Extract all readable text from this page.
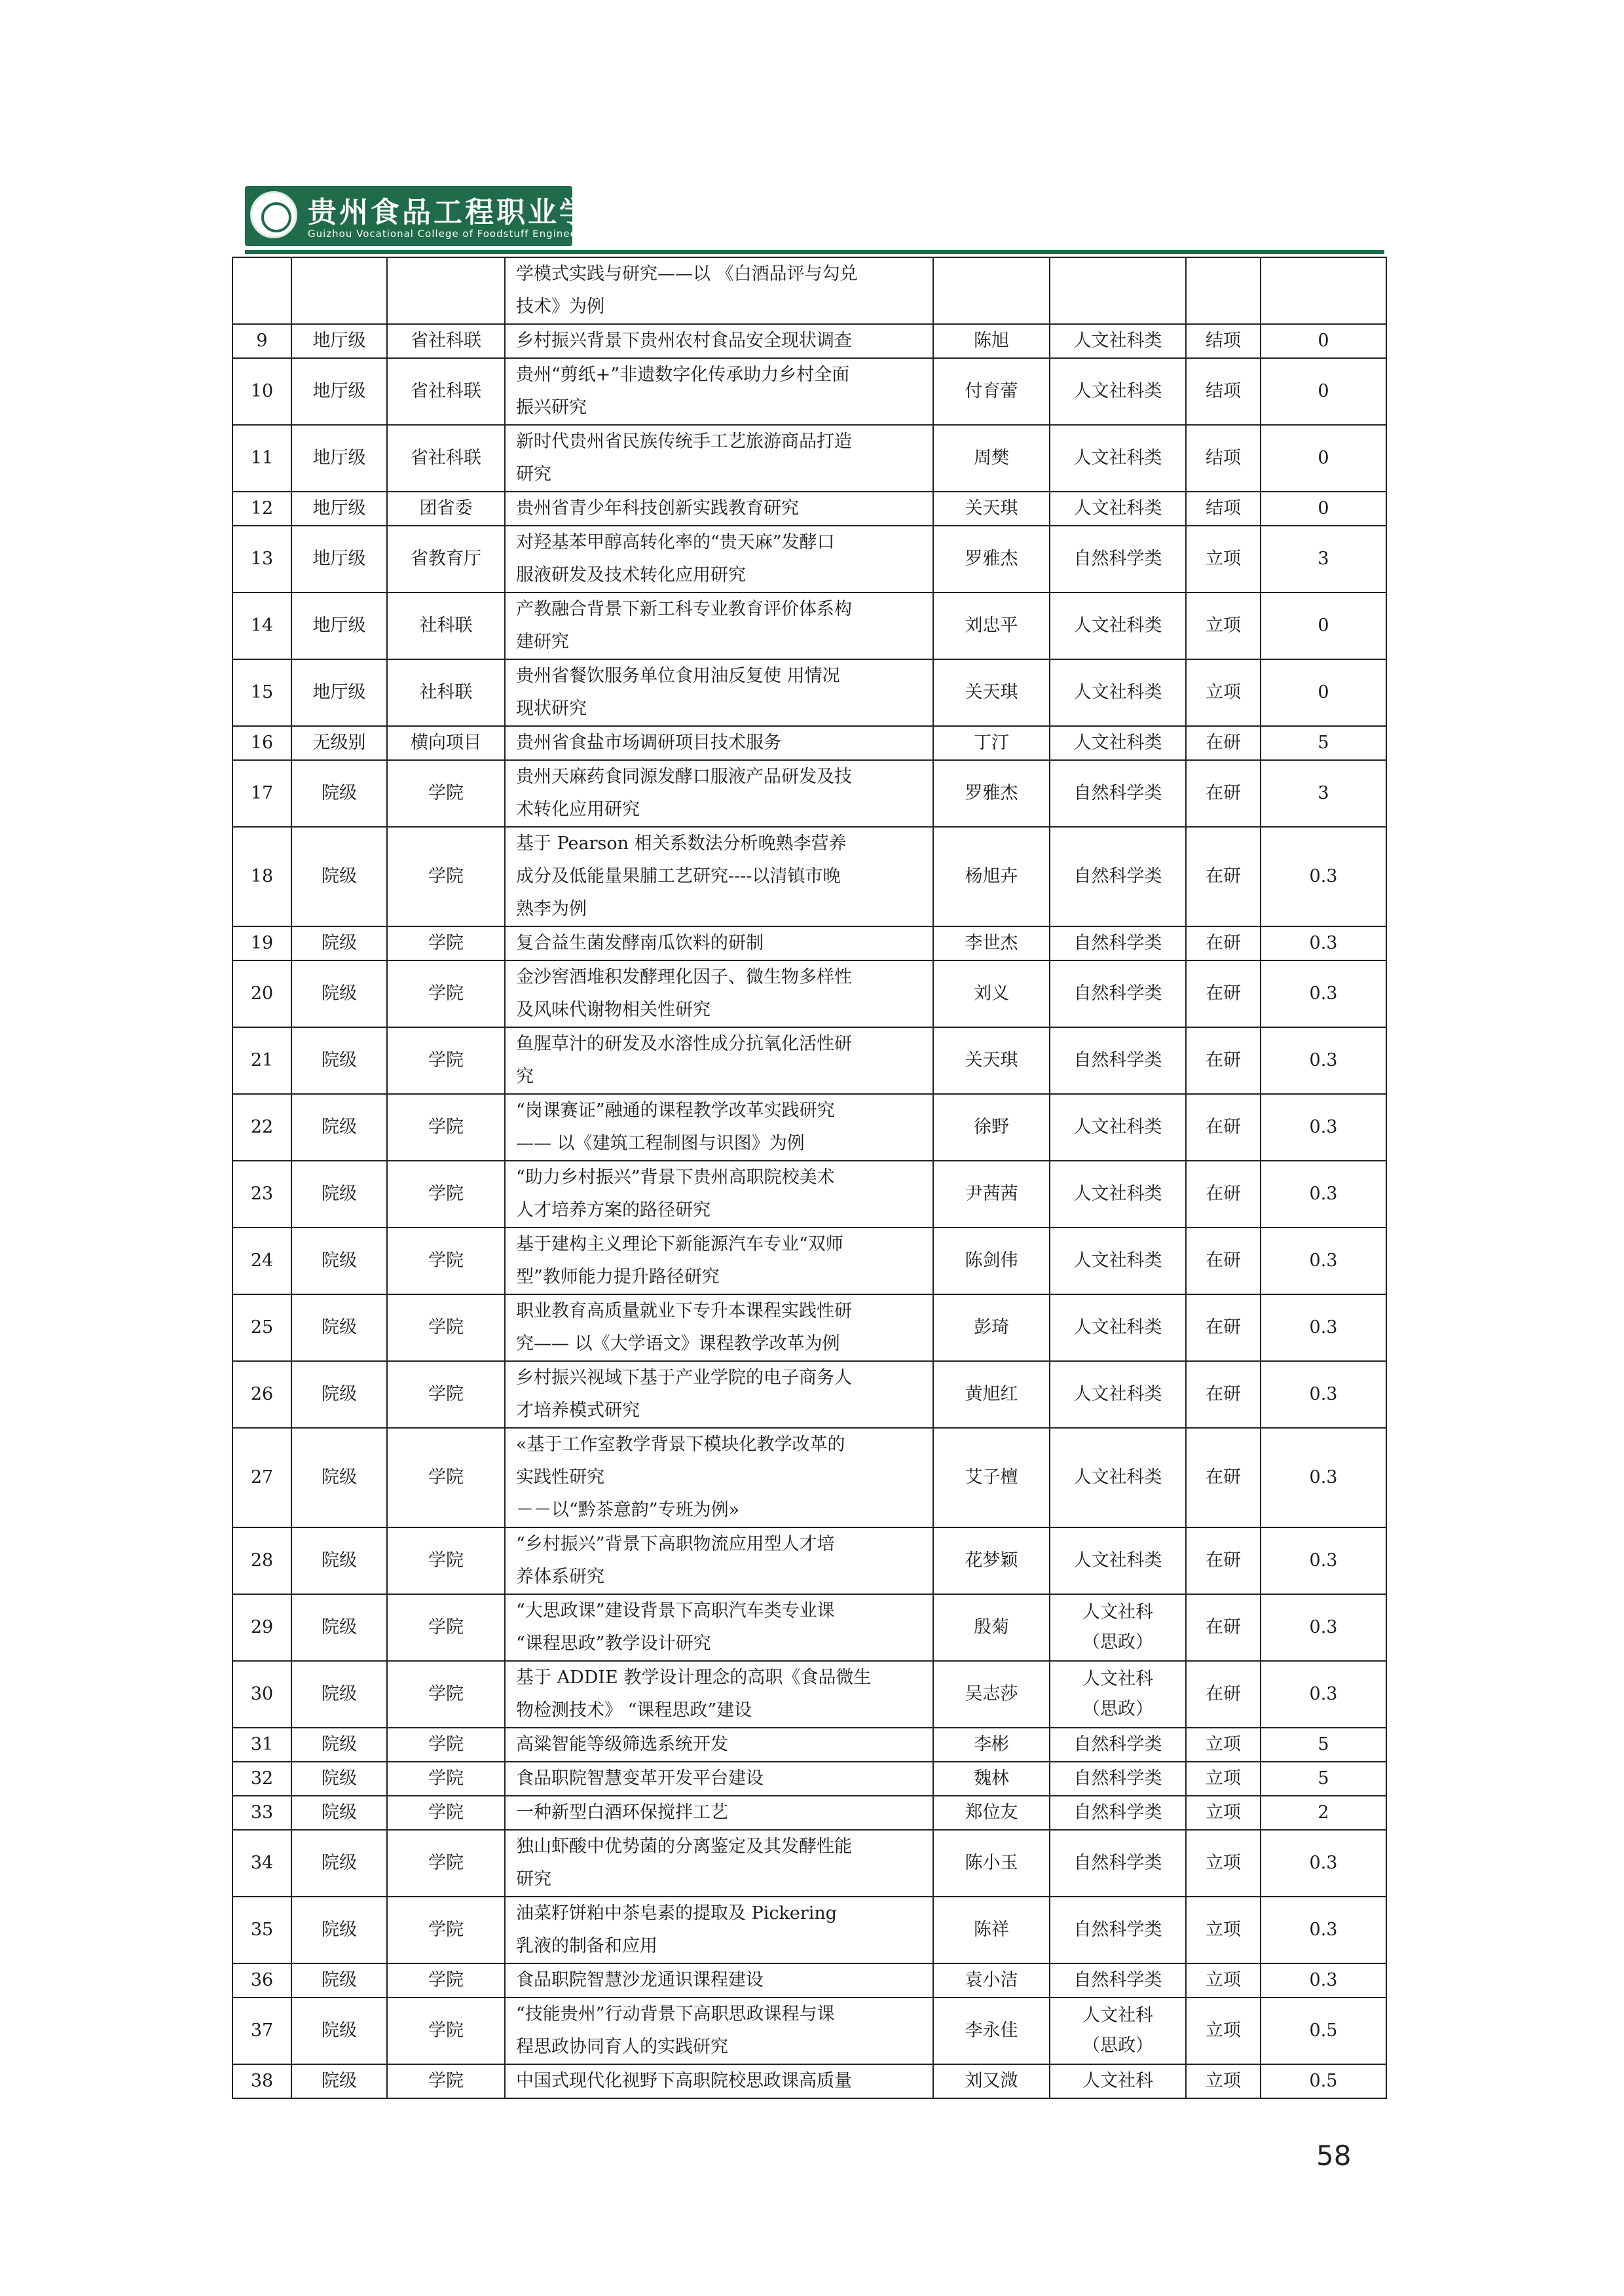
贵州食品工程职业学院
Guizhou Vocational College of Foodstuff Engineering

			学模式实践与研究——以 《白酒品评与勾兑
技术》为例				

9	地厅级	省社科联	乡村振兴背景下贵州农村食品安全现状调查	陈旭	人文社科类	结项	0
10	地厅级	省社科联	贵州“剪纸+”非遗数字化传承助力乡村全面
振兴研究	付育蕾	人文社科类	结项	0
11	地厅级	省社科联	新时代贵州省民族传统手工艺旅游商品打造
研究	周樊	人文社科类	结项	0
12	地厅级	团省委	贵州省青少年科技创新实践教育研究	关天琪	人文社科类	结项	0
13	地厅级	省教育厅	对羟基苯甲醇高转化率的“贵天麻”发酵口
服液研发及技术转化应用研究	罗雅杰	自然科学类	立项	3
14	地厅级	社科联	产教融合背景下新工科专业教育评价体系构
建研究	刘忠平	人文社科类	立项	0
15	地厅级	社科联	贵州省餐饮服务单位食用油反复使 用情况
现状研究	关天琪	人文社科类	立项	0
16	无级别	横向项目	贵州省食盐市场调研项目技术服务	丁汀	人文社科类	在研	5
17	院级	学院	贵州天麻药食同源发酵口服液产品研发及技
术转化应用研究	罗雅杰	自然科学类	在研	3
18	院级	学院	基于 Pearson 相关系数法分析晚熟李营养
成分及低能量果脯工艺研究----以清镇市晚
熟李为例	杨旭卉	自然科学类	在研	0.3
19	院级	学院	复合益生菌发酵南瓜饮料的研制	李世杰	自然科学类	在研	0.3
20	院级	学院	金沙窖酒堆积发酵理化因子、微生物多样性
及风味代谢物相关性研究	刘义	自然科学类	在研	0.3
21	院级	学院	鱼腥草汁的研发及水溶性成分抗氧化活性研
究	关天琪	自然科学类	在研	0.3
22	院级	学院	“岗课赛证”融通的课程教学改革实践研究
—— 以《建筑工程制图与识图》为例	徐野	人文社科类	在研	0.3
23	院级	学院	“助力乡村振兴”背景下贵州高职院校美术
人才培养方案的路径研究	尹茜茜	人文社科类	在研	0.3
24	院级	学院	基于建构主义理论下新能源汽车专业“双师
型”教师能力提升路径研究	陈剑伟	人文社科类	在研	0.3
25	院级	学院	职业教育高质量就业下专升本课程实践性研
究—— 以《大学语文》课程教学改革为例	彭琦	人文社科类	在研	0.3
26	院级	学院	乡村振兴视域下基于产业学院的电子商务人
才培养模式研究	黄旭红	人文社科类	在研	0.3
27	院级	学院	«基于工作室教学背景下模块化教学改革的
实践性研究
－－以“黔茶意韵”专班为例»	艾子檀	人文社科类	在研	0.3
28	院级	学院	“乡村振兴”背景下高职物流应用型人才培
养体系研究	花梦颖	人文社科类	在研	0.3
29	院级	学院	“大思政课”建设背景下高职汽车类专业课
“课程思政”教学设计研究	殷菊	人文社科
（思政）	在研	0.3
30	院级	学院	基于 ADDIE 教学设计理念的高职《食品微生
物检测技术》 “课程思政”建设	吴志莎	人文社科
（思政）	在研	0.3
31	院级	学院	高粱智能等级筛选系统开发	李彬	自然科学类	立项	5
32	院级	学院	食品职院智慧变革开发平台建设	魏林	自然科学类	立项	5
33	院级	学院	一种新型白酒环保搅拌工艺	郑位友	自然科学类	立项	2
34	院级	学院	独山虾酸中优势菌的分离鉴定及其发酵性能
研究	陈小玉	自然科学类	立项	0.3
35	院级	学院	油菜籽饼粕中茶皂素的提取及 Pickering
乳液的制备和应用	陈祥	自然科学类	立项	0.3
36	院级	学院	食品职院智慧沙龙通识课程建设	袁小洁	自然科学类	立项	0.3
37	院级	学院	“技能贵州”行动背景下高职思政课程与课
程思政协同育人的实践研究	李永佳	人文社科
（思政）	立项	0.5
38	院级	学院	中国式现代化视野下高职院校思政课高质量	刘又溦	人文社科	立项	0.5
58
